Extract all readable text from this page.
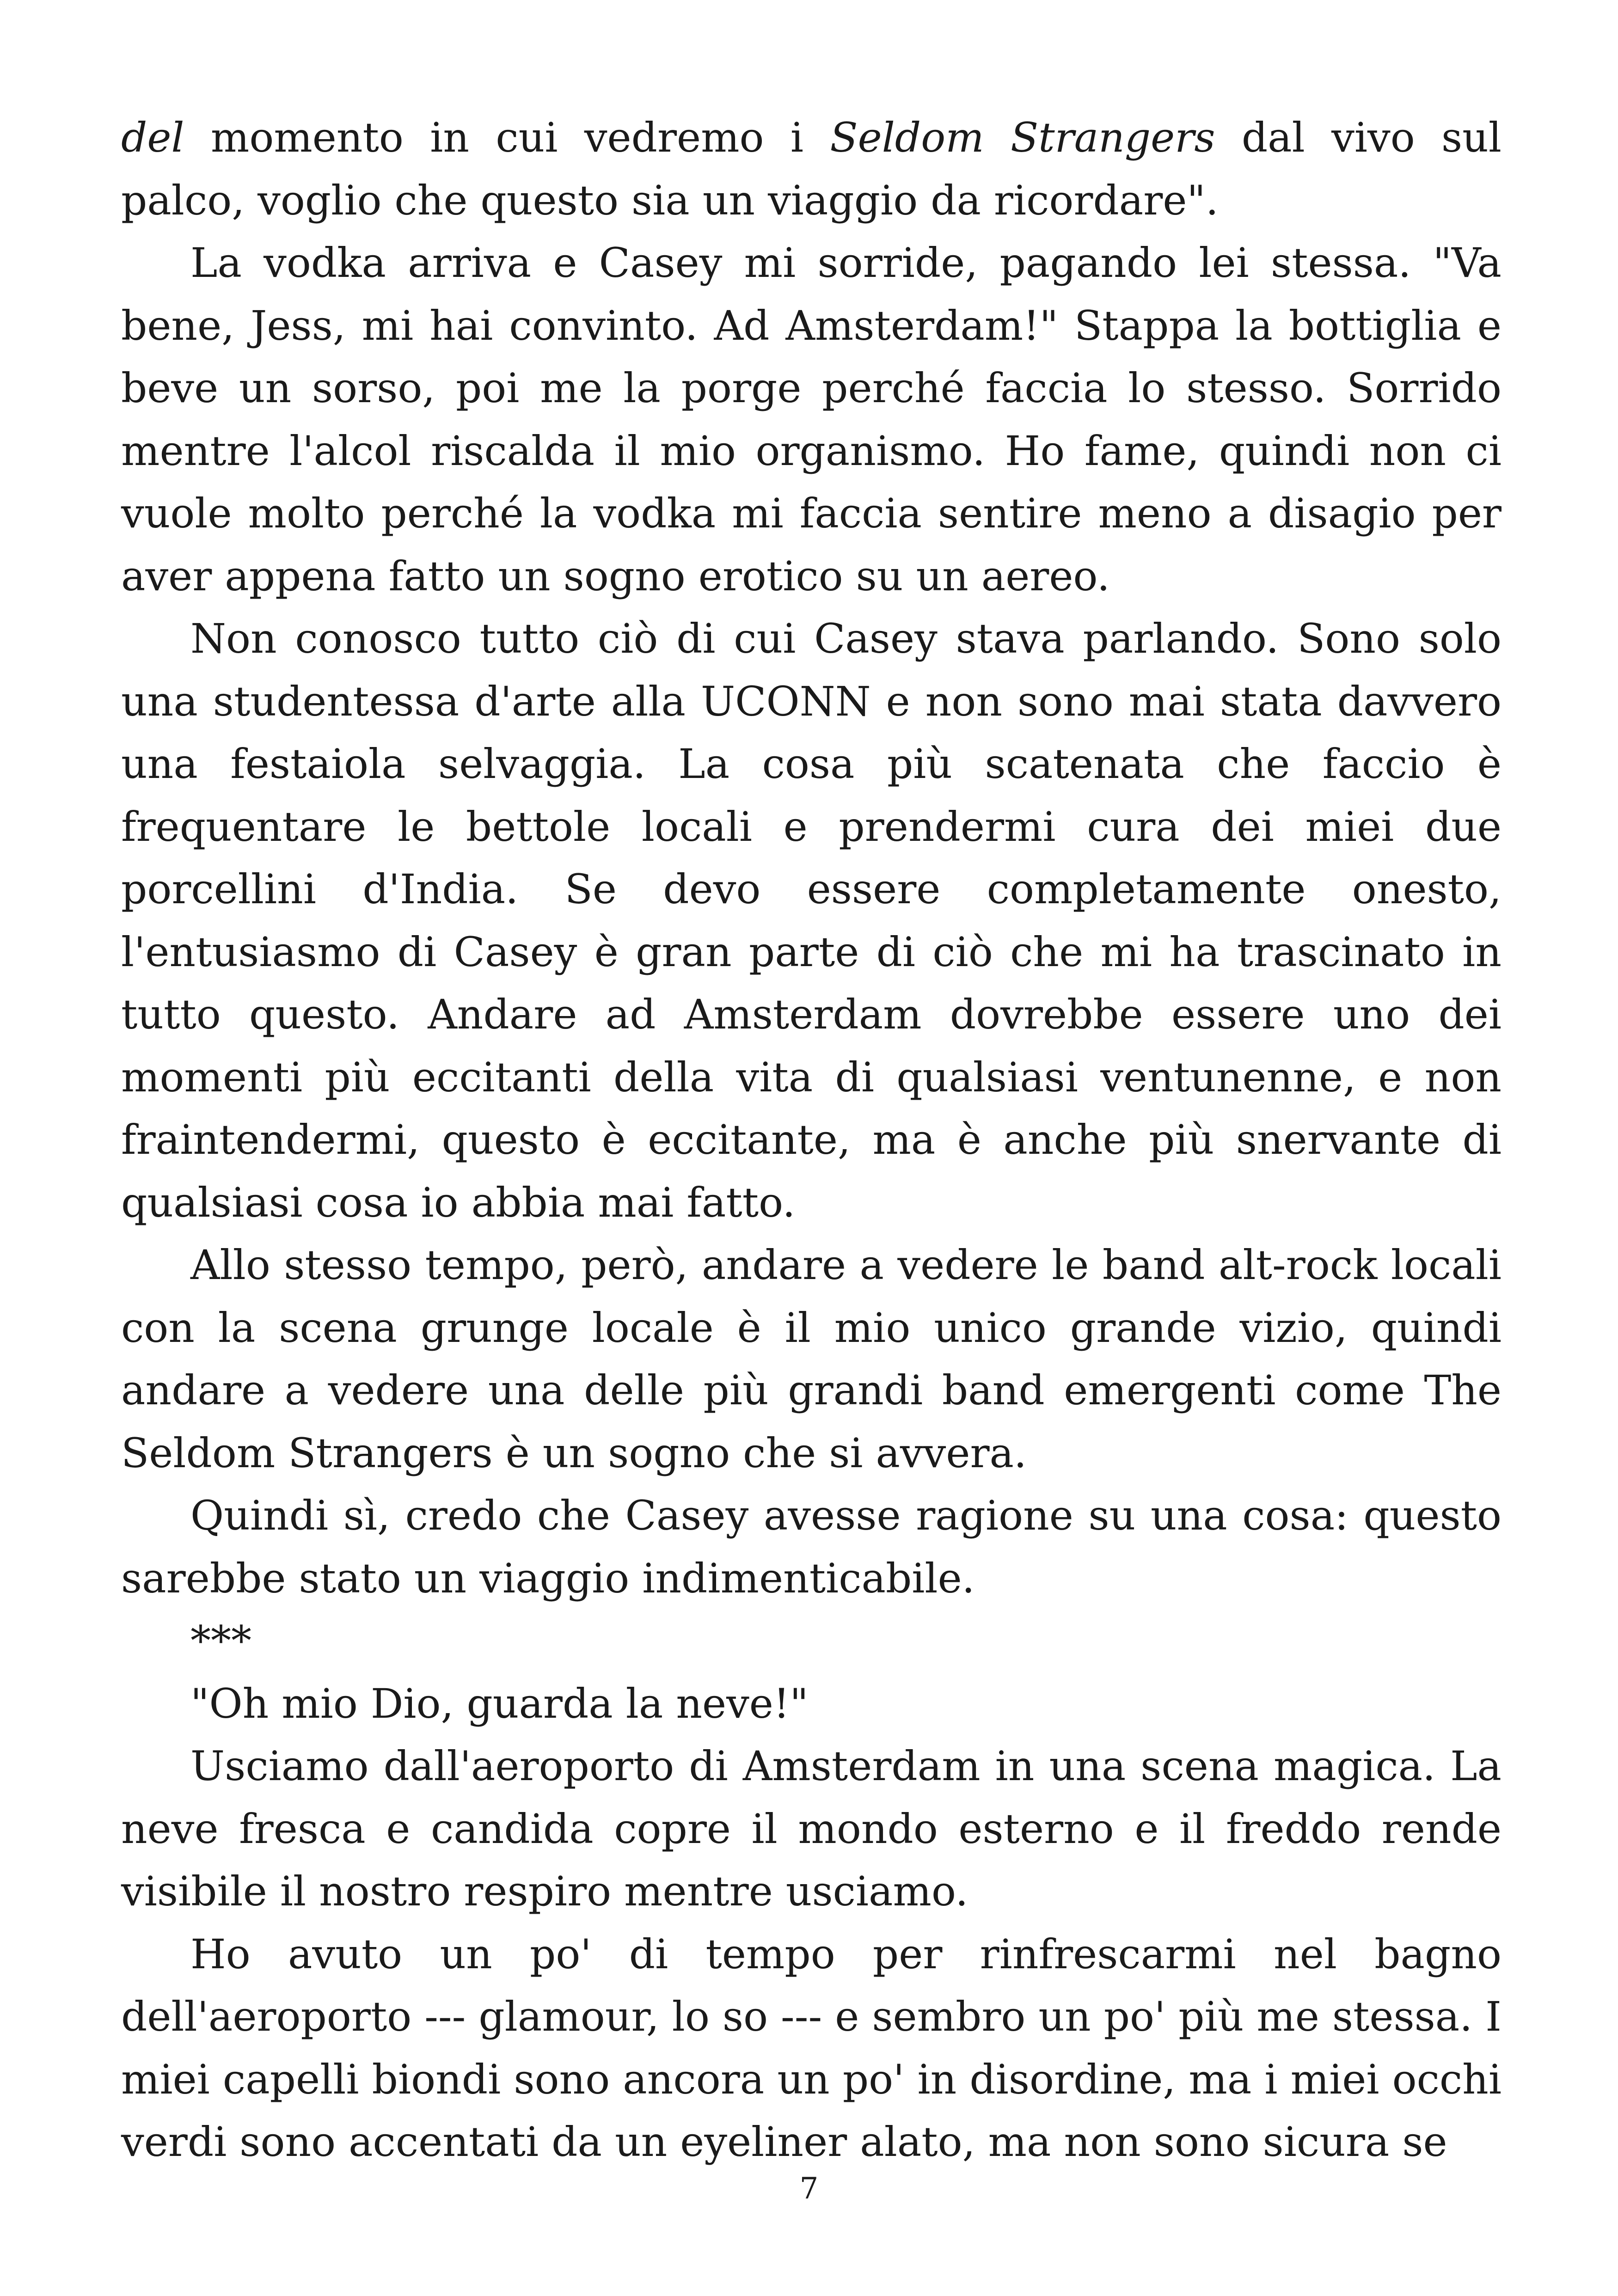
del momento in cui vedremo i Seldom Strangers dal vivo sul palco, voglio che questo sia un viaggio da ricordare".

La vodka arriva e Casey mi sorride, pagando lei stessa. "Va bene, Jess, mi hai convinto. Ad Amsterdam!" Stappa la bottiglia e beve un sorso, poi me la porge perché faccia lo stesso. Sorrido mentre l'alcol riscalda il mio organismo. Ho fame, quindi non ci vuole molto perché la vodka mi faccia sentire meno a disagio per aver appena fatto un sogno erotico su un aereo.

Non conosco tutto ciò di cui Casey stava parlando. Sono solo una studentessa d'arte alla UCONN e non sono mai stata davvero una festaiola selvaggia. La cosa più scatenata che faccio è frequentare le bettole locali e prendermi cura dei miei due porcellini d'India. Se devo essere completamente onesto, l'entusiasmo di Casey è gran parte di ciò che mi ha trascinato in tutto questo. Andare ad Amsterdam dovrebbe essere uno dei momenti più eccitanti della vita di qualsiasi ventunenne, e non fraintendermi, questo è eccitante, ma è anche più snervante di qualsiasi cosa io abbia mai fatto.

Allo stesso tempo, però, andare a vedere le band alt-rock locali con la scena grunge locale è il mio unico grande vizio, quindi andare a vedere una delle più grandi band emergenti come The Seldom Strangers è un sogno che si avvera.

Quindi sì, credo che Casey avesse ragione su una cosa: questo sarebbe stato un viaggio indimenticabile.

***

"Oh mio Dio, guarda la neve!"

Usciamo dall'aeroporto di Amsterdam in una scena magica. La neve fresca e candida copre il mondo esterno e il freddo rende visibile il nostro respiro mentre usciamo.

Ho avuto un po' di tempo per rinfrescarmi nel bagno dell'aeroporto --- glamour, lo so --- e sembro un po' più me stessa. I miei capelli biondi sono ancora un po' in disordine, ma i miei occhi verdi sono accentati da un eyeliner alato, ma non sono sicura se

7
